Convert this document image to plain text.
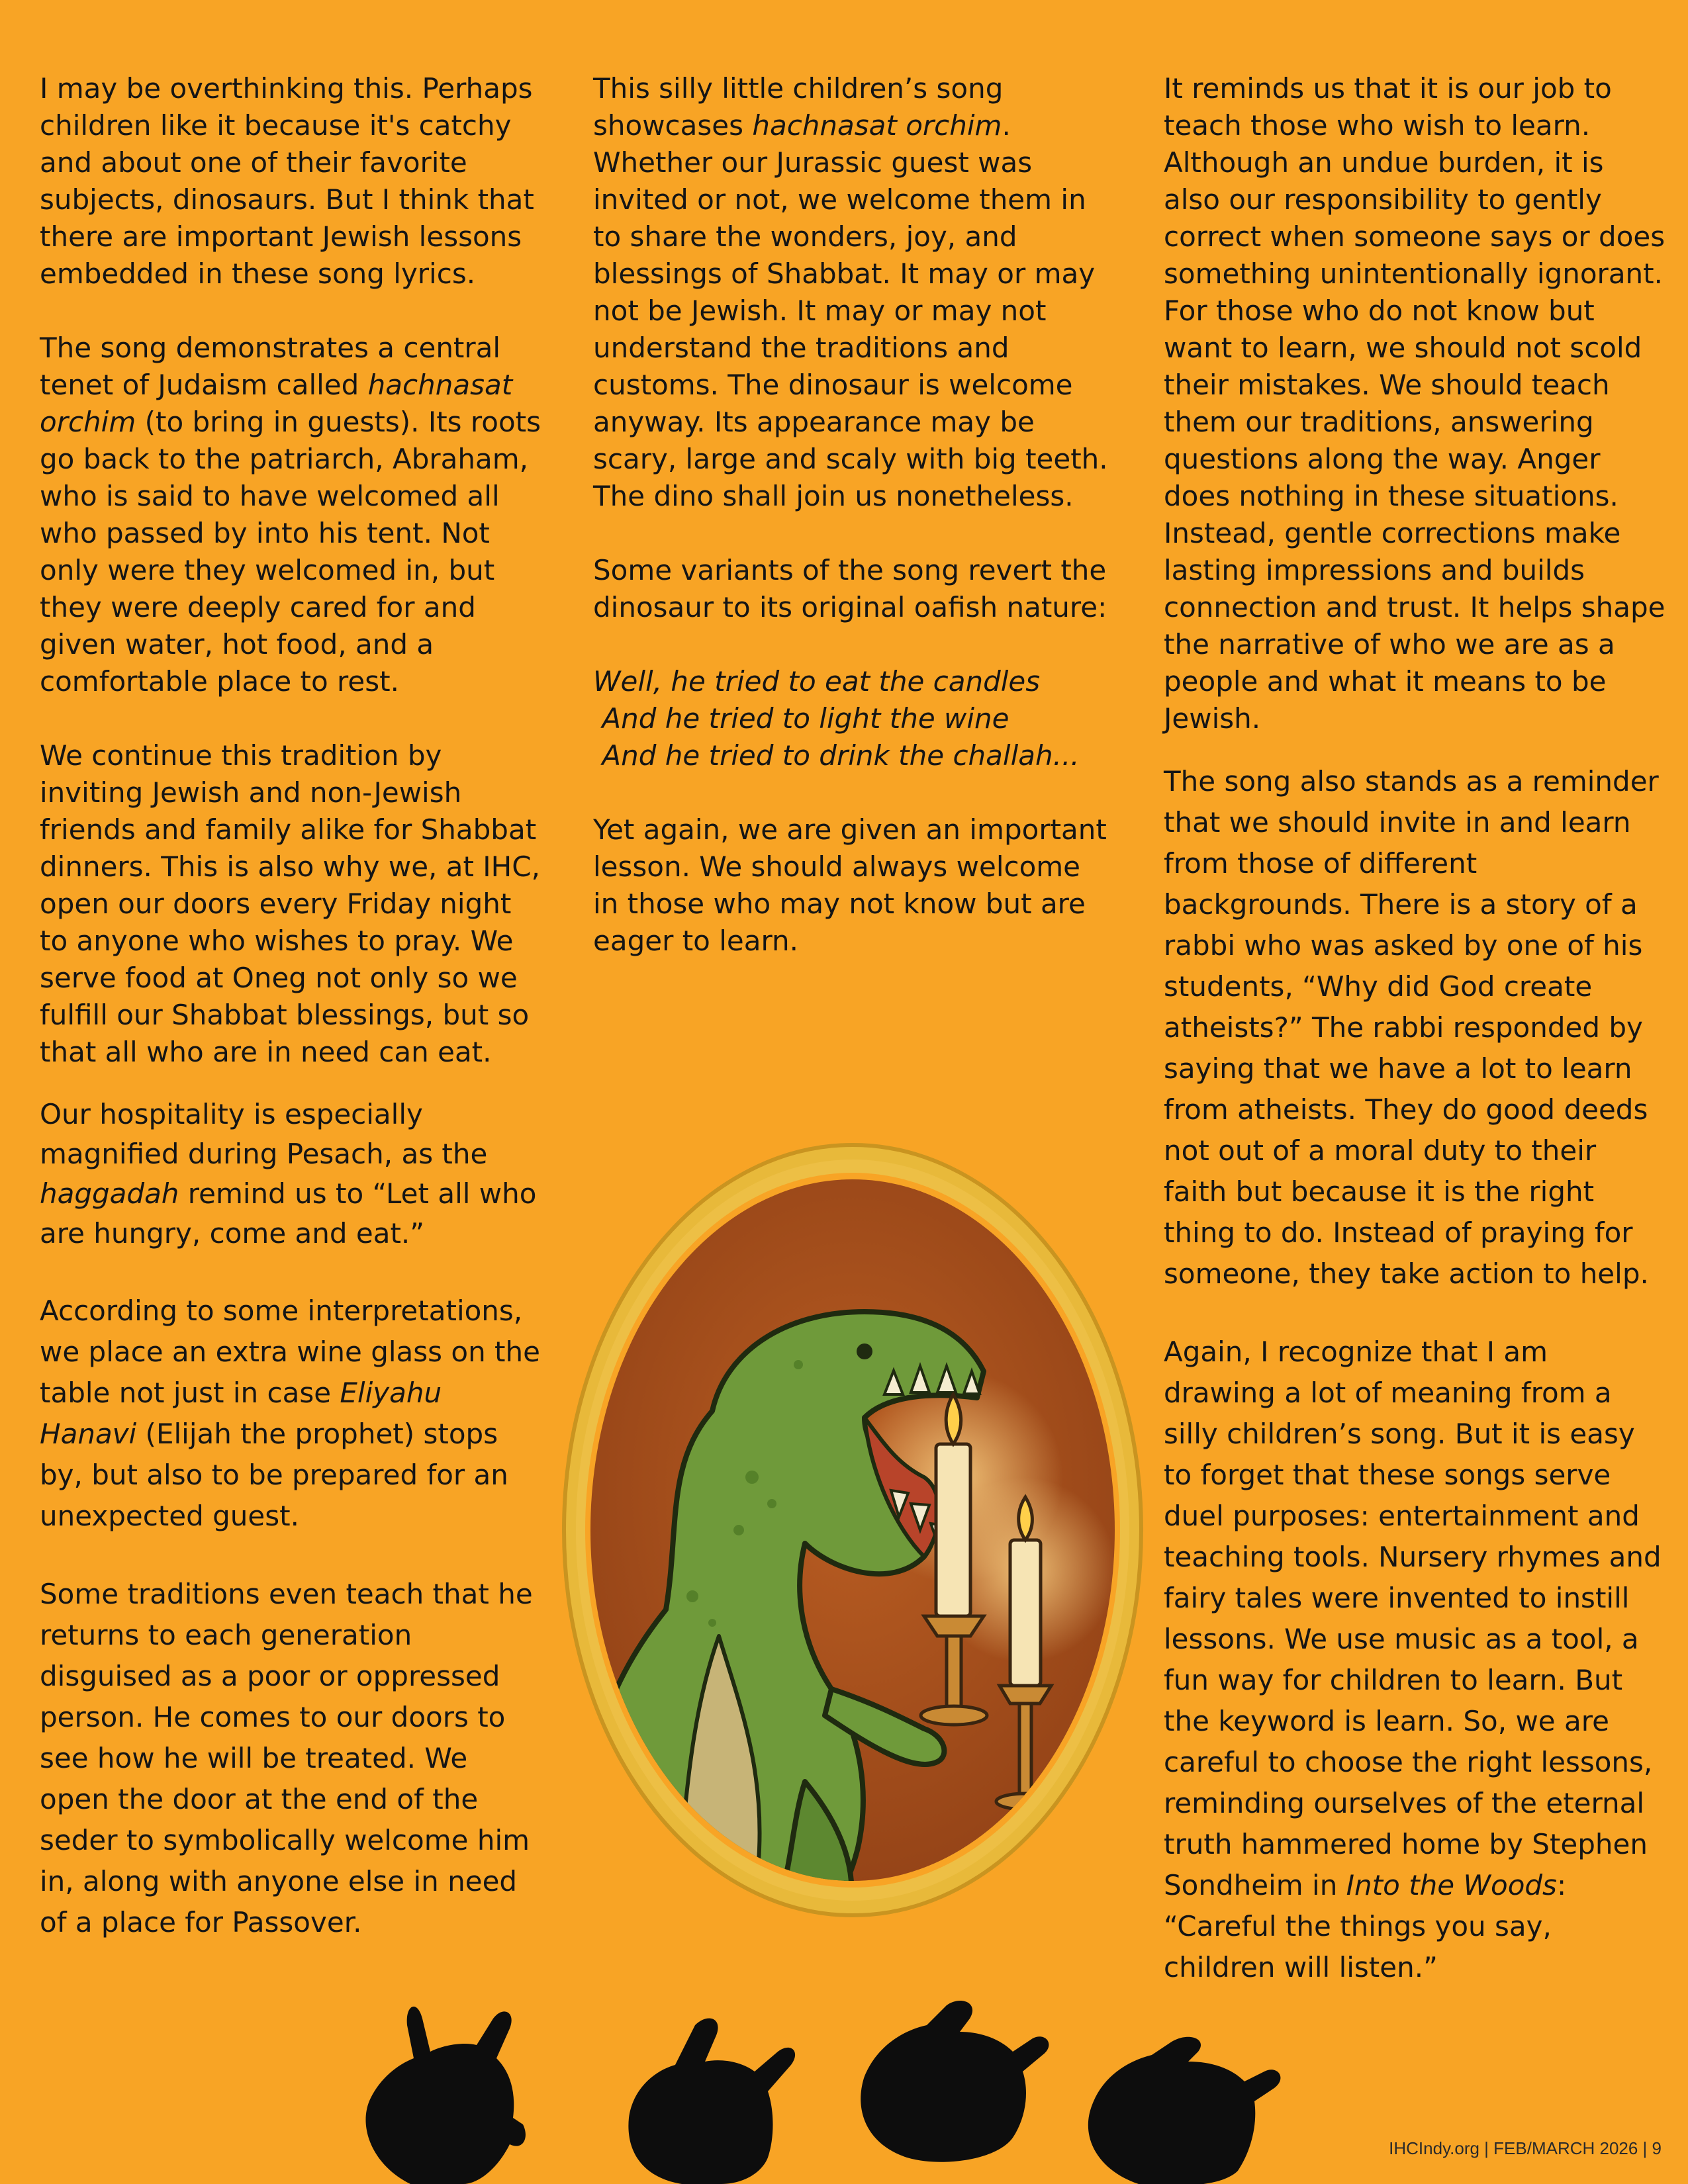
I may be overthinking this. Perhaps children like it because it's catchy and about one of their favorite subjects, dinosaurs. But I think that there are important Jewish lessons embedded in these song lyrics.

The song demonstrates a central tenet of Judaism called hachnasat orchim (to bring in guests). Its roots go back to the patriarch, Abraham, who is said to have welcomed all who passed by into his tent. Not only were they welcomed in, but they were deeply cared for and given water, hot food, and a comfortable place to rest.

We continue this tradition by inviting Jewish and non-Jewish friends and family alike for Shabbat dinners. This is also why we, at IHC, open our doors every Friday night to anyone who wishes to pray. We serve food at Oneg not only so we fulfill our Shabbat blessings, but so that all who are in need can eat.

Our hospitality is especially magnified during Pesach, as the haggadah remind us to “Let all who are hungry, come and eat.”

According to some interpretations, we place an extra wine glass on the table not just in case Eliyahu Hanavi (Elijah the prophet) stops by, but also to be prepared for an unexpected guest.

Some traditions even teach that he returns to each generation disguised as a poor or oppressed person. He comes to our doors to see how he will be treated. We open the door at the end of the seder to symbolically welcome him in, along with anyone else in need of a place for Passover.

This silly little children’s song showcases hachnasat orchim. Whether our Jurassic guest was invited or not, we welcome them in to share the wonders, joy, and blessings of Shabbat. It may or may not be Jewish. It may or may not understand the traditions and customs. The dinosaur is welcome anyway. Its appearance may be scary, large and scaly with big teeth. The dino shall join us nonetheless.

Some variants of the song revert the dinosaur to its original oafish nature:

Well, he tried to eat the candles

And he tried to light the wine

And he tried to drink the challah...

Yet again, we are given an important lesson. We should always welcome in those who may not know but are eager to learn.

It reminds us that it is our job to teach those who wish to learn. Although an undue burden, it is also our responsibility to gently correct when someone says or does something unintentionally ignorant. For those who do not know but want to learn, we should not scold their mistakes. We should teach them our traditions, answering questions along the way. Anger does nothing in these situations. Instead, gentle corrections make lasting impressions and builds connection and trust. It helps shape the narrative of who we are as a people and what it means to be Jewish.

The song also stands as a reminder that we should invite in and learn from those of different backgrounds. There is a story of a rabbi who was asked by one of his students, “Why did God create atheists?” The rabbi responded by saying that we have a lot to learn from atheists. They do good deeds not out of a moral duty to their faith but because it is the right thing to do. Instead of praying for someone, they take action to help.

Again, I recognize that I am drawing a lot of meaning from a silly children’s song. But it is easy to forget that these songs serve duel purposes: entertainment and teaching tools. Nursery rhymes and fairy tales were invented to instill lessons. We use music as a tool, a fun way for children to learn. But the keyword is learn. So, we are careful to choose the right lessons, reminding ourselves of the eternal truth hammered home by Stephen Sondheim in Into the Woods: “Careful the things you say, children will listen.”

IHCIndy.org | FEB/MARCH 2026 | 9
